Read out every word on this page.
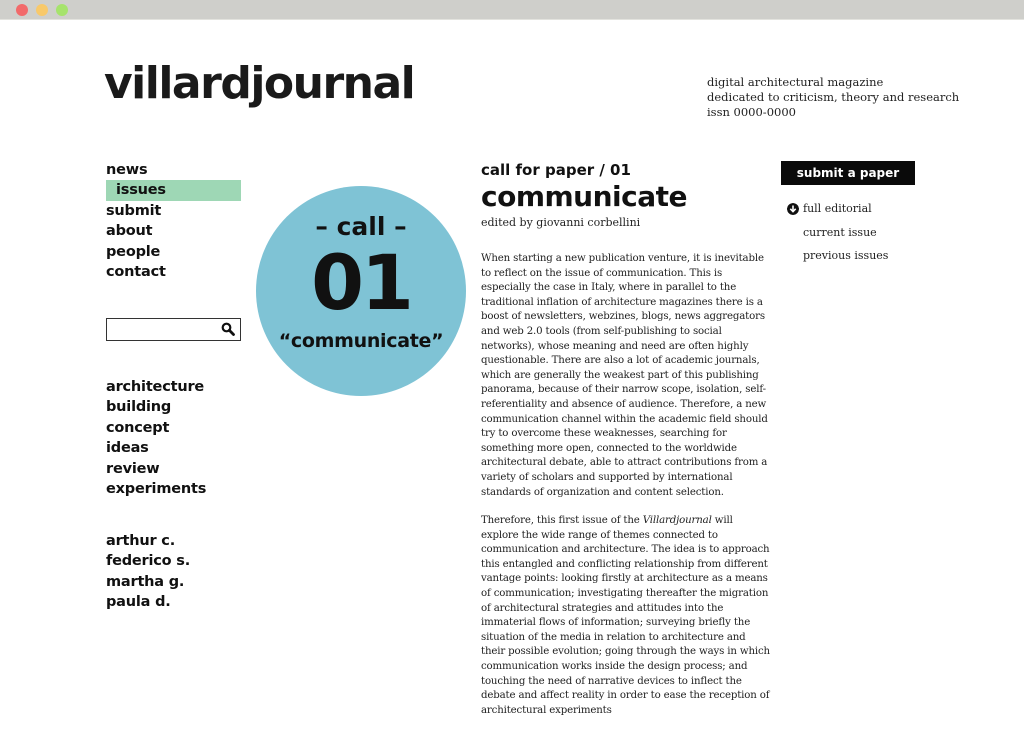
villardjournal	digital architectural magazine
dedicated to criticism, theory and research
issn 0000-0000
news
issues
submit
about
people
contact
architecture
building
concept
ideas
review
experiments
arthur c.
federico s.
martha g.
paula d.
– call –
01
“communicate”
call for paper / 01
communicate
edited by giovanni corbellini

When starting a new publication venture, it is inevitable to reflect on the issue of communication. This is especially the case in Italy, where in parallel to the traditional inflation of architecture magazines there is a boost of newsletters, webzines, blogs, news aggregators and web 2.0 tools (from self-publishing to social networks), whose meaning and need are often highly questionable. There are also a lot of academic journals, which are generally the weakest part of this publishing panorama, because of their narrow scope, isolation, self-referentiality and absence of audience. Therefore, a new communication channel within the academic field should try to overcome these weaknesses, searching for something more open, connected to the worldwide architectural debate, able to attract contributions from a variety of scholars and supported by international standards of organization and content selection.

Therefore, this first issue of the Villardjournal will explore the wide range of themes connected to communication and architecture. The idea is to approach this entangled and conflicting relationship from different vantage points: looking firstly at architecture as a means of communication; investigating thereafter the migration of architectural strategies and attitudes into the immaterial flows of information; surveying briefly the situation of the media in relation to architecture and their possible evolution; going through the ways in which communication works inside the design process; and touching the need of narrative devices to inflect the debate and affect reality in order to ease the reception of architectural experiments

submit a paper
full editorial
current issue
previous issues
